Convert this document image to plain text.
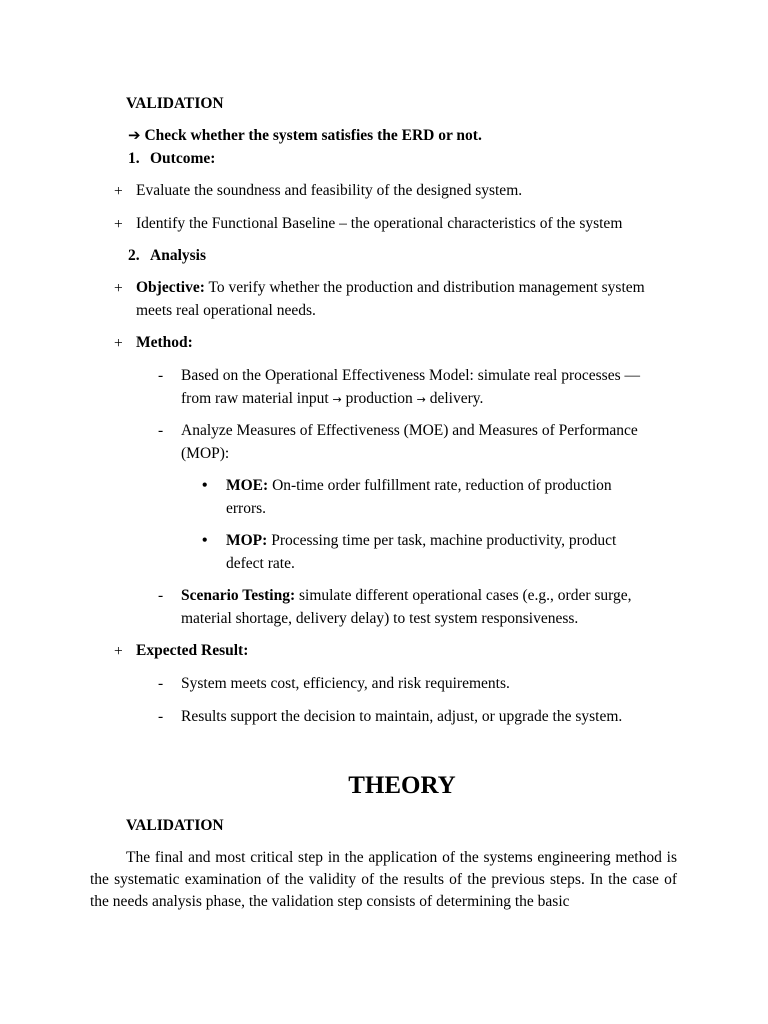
VALIDATION
➔ Check whether the system satisfies the ERD or not.
1. Outcome:
+ Evaluate the soundness and feasibility of the designed system.
+ Identify the Functional Baseline – the operational characteristics of the system
2. Analysis
+ Objective: To verify whether the production and distribution management system
meets real operational needs.
+ Method:
- Based on the Operational Effectiveness Model: simulate real processes —
from raw material input → production → delivery.
- Analyze Measures of Effectiveness (MOE) and Measures of Performance
(MOP):
• MOE: On-time order fulfillment rate, reduction of production
errors.
• MOP: Processing time per task, machine productivity, product
defect rate.
- Scenario Testing: simulate different operational cases (e.g., order surge,
material shortage, delivery delay) to test system responsiveness.
+ Expected Result:
- System meets cost, efficiency, and risk requirements.
- Results support the decision to maintain, adjust, or upgrade the system.
THEORY
VALIDATION
The final and most critical step in the application of the systems engineering method is the systematic examination of the validity of the results of the previous steps. In the case of the needs analysis phase, the validation step consists of determining the basic
